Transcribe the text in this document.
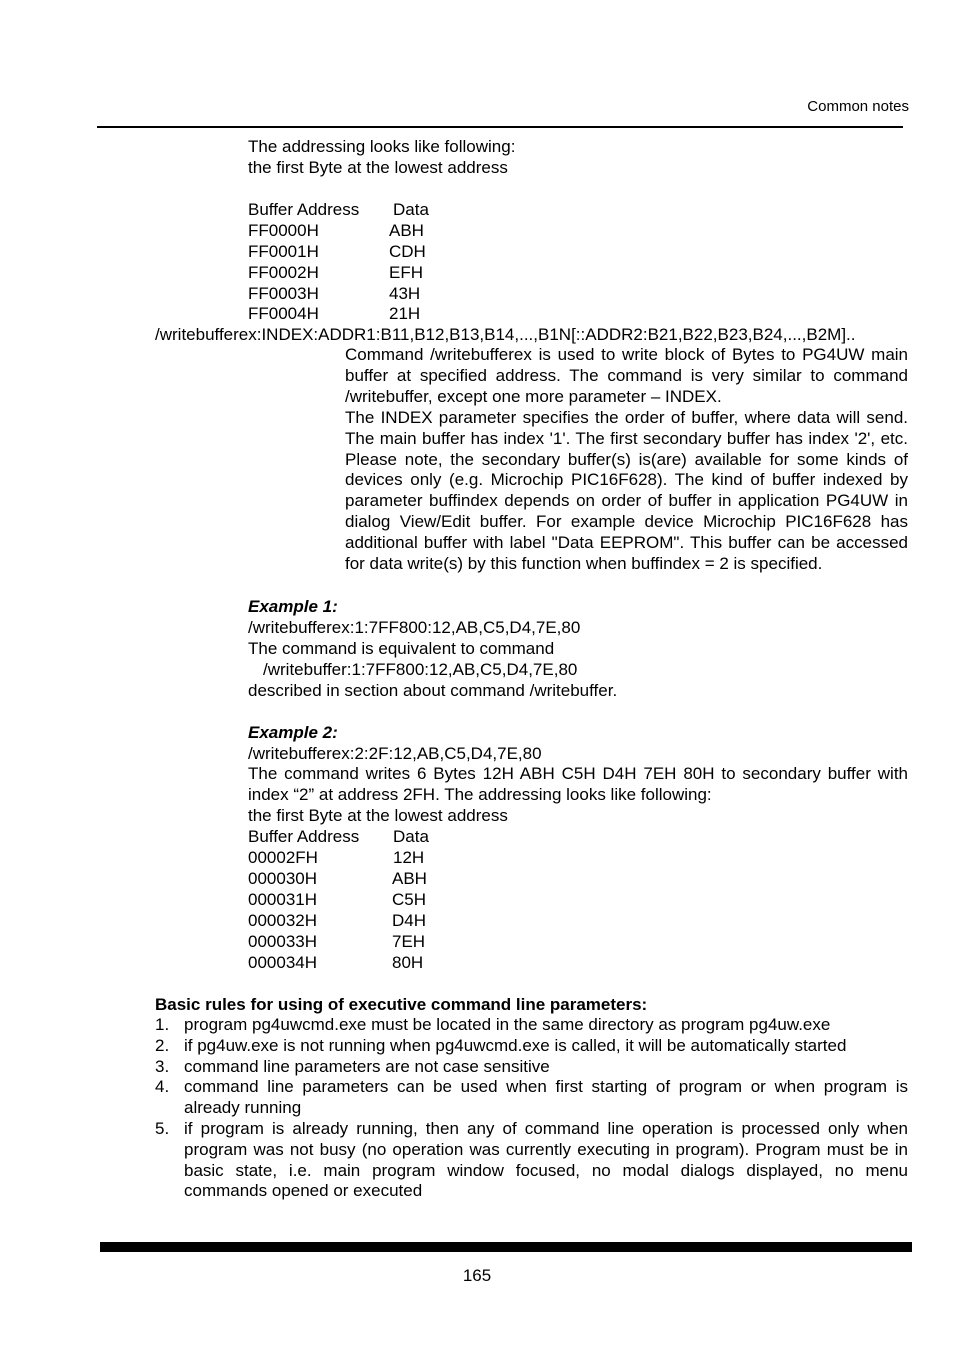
Common notes
The addressing looks like following:
the first Byte at the lowest address
Buffer Address Data
FF0000H	ABH
FF0001H	CDH
FF0002H	EFH
FF0003H	43H
FF0004H	21H
/writebufferex:INDEX:ADDR1:B11,B12,B13,B14,...,B1N[::ADDR2:B21,B22,B23,B24,...,B2M]..
Command /writebufferex is used to write block of Bytes to PG4UW main buffer at specified address. The command is very similar to command /writebuffer, except one more parameter – INDEX.
The INDEX parameter specifies the order of buffer, where data will send. The main buffer has index '1'. The first secondary buffer has index '2', etc. Please note, the secondary buffer(s) is(are) available for some kinds of devices only (e.g. Microchip PIC16F628). The kind of buffer indexed by parameter buffindex depends on order of buffer in application PG4UW in dialog View/Edit buffer. For example device Microchip PIC16F628 has additional buffer with label "Data EEPROM". This buffer can be accessed for data write(s) by this function when buffindex = 2 is specified.
Example 1:
/writebufferex:1:7FF800:12,AB,C5,D4,7E,80
The command is equivalent to command
/writebuffer:1:7FF800:12,AB,C5,D4,7E,80
described in section about command /writebuffer.
Example 2:
/writebufferex:2:2F:12,AB,C5,D4,7E,80
The command writes 6 Bytes 12H ABH C5H D4H 7EH 80H to secondary buffer with index “2” at address 2FH. The addressing looks like following:
the first Byte at the lowest address
Buffer Address Data
00002FH	12H
000030H	ABH
000031H	C5H
000032H	D4H
000033H	7EH
000034H	80H
Basic rules for using of executive command line parameters:
1. program pg4uwcmd.exe must be located in the same directory as program pg4uw.exe
2. if pg4uw.exe is not running when pg4uwcmd.exe is called, it will be automatically started
3. command line parameters are not case sensitive
4. command line parameters can be used when first starting of program or when program is already running
5. if program is already running, then any of command line operation is processed only when program was not busy (no operation was currently executing in program). Program must be in basic state, i.e. main program window focused, no modal dialogs displayed, no menu commands opened or executed
165
